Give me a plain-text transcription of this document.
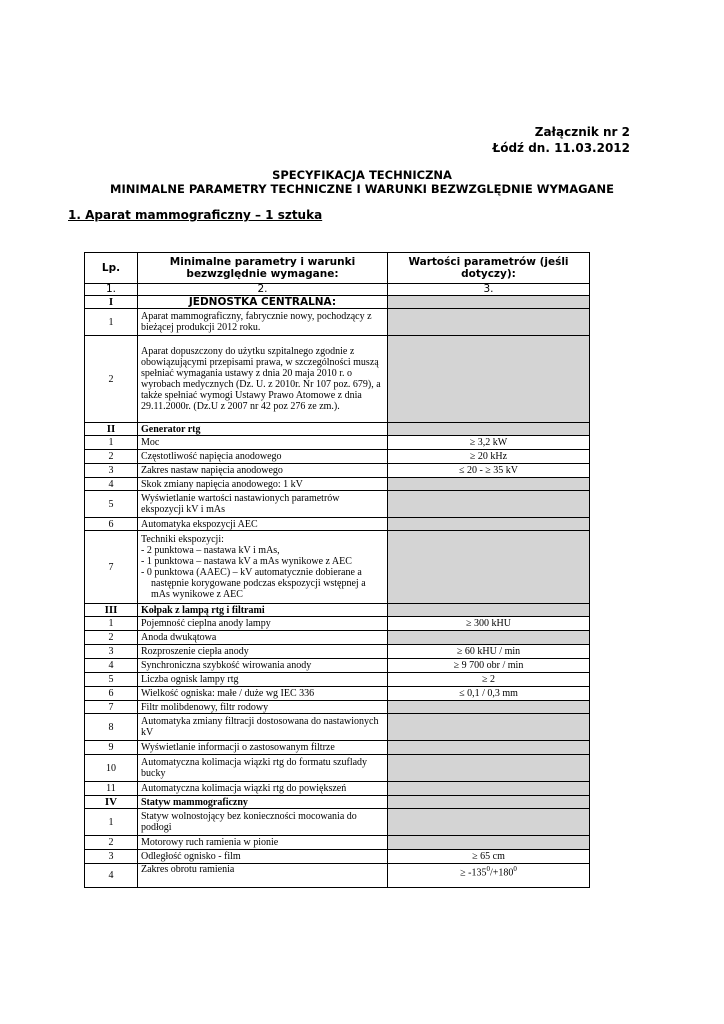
Załącznik nr 2
Łódź dn. 11.03.2012
SPECYFIKACJA TECHNICZNA
MINIMALNE PARAMETRY TECHNICZNE I WARUNKI BEZWZGLĘDNIE WYMAGANE
1. Aparat mammograficzny – 1 sztuka
Lp.	Minimalne parametry i warunki bezwzględnie wymagane:	Wartości parametrów (jeśli dotyczy):
1.	2.	3.
I	JEDNOSTKA CENTRALNA:	
1	Aparat mammograficzny, fabrycznie nowy, pochodzący z bieżącej produkcji 2012 roku.	
2	Aparat dopuszczony do użytku szpitalnego zgodnie z obowiązującymi przepisami prawa, w szczególności muszą spełniać wymagania ustawy z dnia 20 maja 2010 r. o wyrobach medycznych (Dz. U. z 2010r. Nr 107 poz. 679), a także spełniać wymogi Ustawy Prawo Atomowe z dnia 29.11.2000r. (Dz.U z 2007 nr 42 poz 276 ze zm.).	
II	Generator rtg	
1	Moc	≥ 3,2 kW
2	Częstotliwość napięcia anodowego	≥ 20 kHz
3	Zakres nastaw napięcia anodowego	≤ 20 - ≥ 35 kV
4	Skok zmiany napięcia anodowego: 1 kV	
5	Wyświetlanie wartości nastawionych parametrów ekspozycji kV i mAs	
6	Automatyka ekspozycji AEC	
7	Techniki ekspozycji:
- 2 punktowa – nastawa kV i mAs,
- 1 punktowa – nastawa kV a mAs wynikowe z AEC
- 0 punktowa (AAEC) – kV automatycznie dobierane a następnie korygowane podczas ekspozycji wstępnej a mAs wynikowe z AEC	

III	Kołpak z lampą rtg i filtrami	
1	Pojemność cieplna anody lampy	≥ 300 kHU
2	Anoda dwukątowa	
3	Rozproszenie ciepła anody	≥ 60 kHU / min
4	Synchroniczna szybkość wirowania anody	≥ 9 700 obr / min
5	Liczba ognisk lampy rtg	≥ 2
6	Wielkość ogniska: małe / duże wg IEC 336	≤ 0,1 / 0,3 mm
7	Filtr molibdenowy, filtr rodowy	
8	Automatyka zmiany filtracji dostosowana do nastawionych kV	
9	Wyświetlanie informacji o zastosowanym filtrze	
10	Automatyczna kolimacja wiązki rtg do formatu szuflady bucky	
11	Automatyczna kolimacja wiązki rtg do powiększeń	
IV	Statyw mammograficzny	
1	Statyw wolnostojący bez konieczności mocowania do podłogi	
2	Motorowy ruch ramienia w pionie	
3	Odległość ognisko - film	≥ 65 cm
4	Zakres obrotu ramienia	≥ $-135^0/+180^0$
